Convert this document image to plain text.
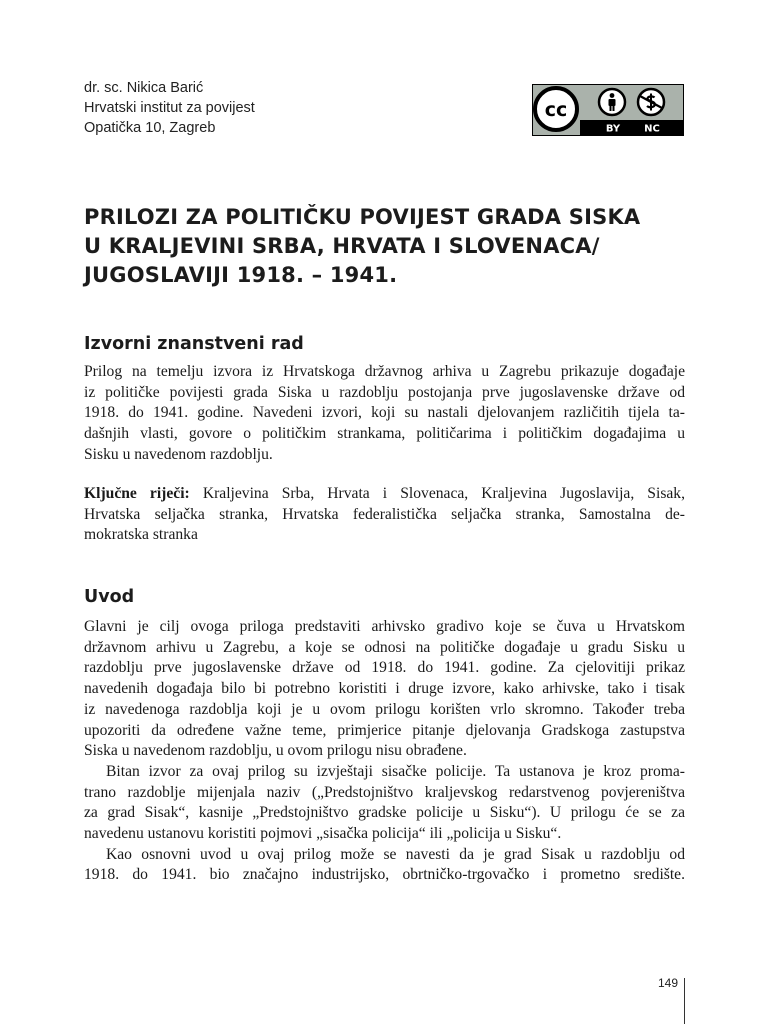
dr. sc. Nikica Barić
Hrvatski institut za povijest
Opatička 10, Zagreb
cc
BY NC
PRILOZI ZA POLITIČKU POVIJEST GRADA SISKA
U KRALJEVINI SRBA, HRVATA I SLOVENACA/
JUGOSLAVIJI 1918. – 1941.
Izvorni znanstveni rad
Prilog na temelju izvora iz Hrvatskoga državnog arhiva u Zagrebu prikazuje događaje
iz političke povijesti grada Siska u razdoblju postojanja prve jugoslavenske države od
1918. do 1941. godine. Navedeni izvori, koji su nastali djelovanjem različitih tijela ta-
dašnjih vlasti, govore o političkim strankama, političarima i političkim događajima u
Sisku u navedenom razdoblju.
Ključne riječi: Kraljevina Srba, Hrvata i Slovenaca, Kraljevina Jugoslavija, Sisak,
Hrvatska seljačka stranka, Hrvatska federalistička seljačka stranka, Samostalna de-
mokratska stranka
Uvod
Glavni je cilj ovoga priloga predstaviti arhivsko gradivo koje se čuva u Hrvatskom
državnom arhivu u Zagrebu, a koje se odnosi na političke događaje u gradu Sisku u
razdoblju prve jugoslavenske države od 1918. do 1941. godine. Za cjelovitiji prikaz
navedenih događaja bilo bi potrebno koristiti i druge izvore, kako arhivske, tako i tisak
iz navedenoga razdoblja koji je u ovom prilogu korišten vrlo skromno. Također treba
upozoriti da određene važne teme, primjerice pitanje djelovanja Gradskoga zastupstva
Siska u navedenom razdoblju, u ovom prilogu nisu obrađene.
Bitan izvor za ovaj prilog su izvještaji sisačke policije. Ta ustanova je kroz proma-
trano razdoblje mijenjala naziv („Predstojništvo kraljevskog redarstvenog povjereništva
za grad Sisak“, kasnije „Predstojništvo gradske policije u Sisku“). U prilogu će se za
navedenu ustanovu koristiti pojmovi „sisačka policija“ ili „policija u Sisku“.
Kao osnovni uvod u ovaj prilog može se navesti da je grad Sisak u razdoblju od
1918. do 1941. bio značajno industrijsko, obrtničko-trgovačko i prometno središte.
149
